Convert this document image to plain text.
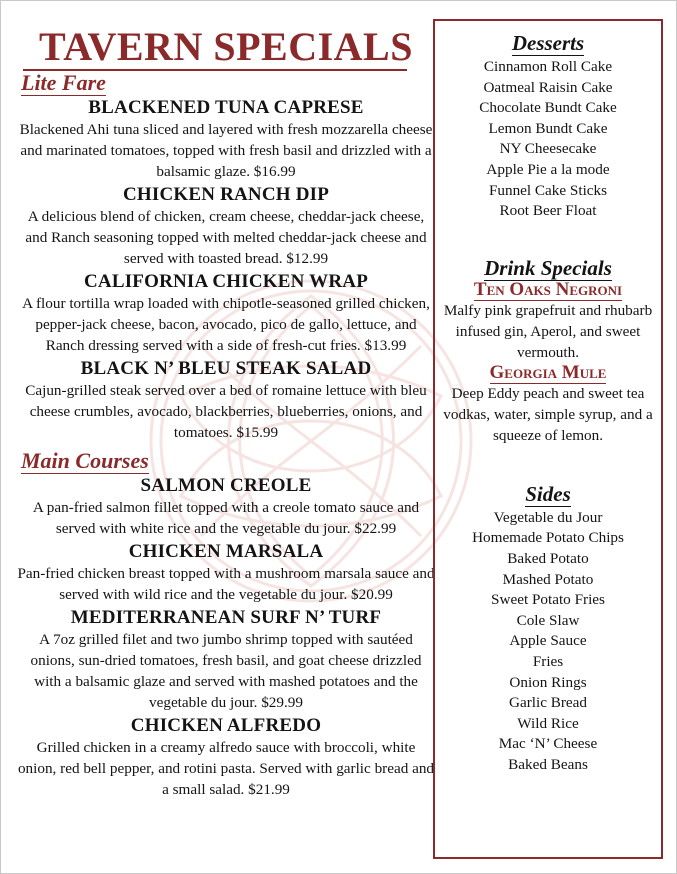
TAVERN SPECIALS
Lite Fare
BLACKENED TUNA CAPRESE
Blackened Ahi tuna sliced and layered with fresh mozzarella cheese and marinated tomatoes, topped with fresh basil and drizzled with a balsamic glaze. $16.99
CHICKEN RANCH DIP
A delicious blend of chicken, cream cheese, cheddar-jack cheese, and Ranch seasoning topped with melted cheddar-jack cheese and served with toasted bread. $12.99
CALIFORNIA CHICKEN WRAP
A flour tortilla wrap loaded with chipotle-seasoned grilled chicken, pepper-jack cheese, bacon, avocado, pico de gallo, lettuce, and Ranch dressing served with a side of fresh-cut fries. $13.99
BLACK N’ BLEU STEAK SALAD
Cajun-grilled steak served over a bed of romaine lettuce with bleu cheese crumbles, avocado, blackberries, blueberries, onions, and tomatoes. $15.99
Main Courses
SALMON CREOLE
A pan-fried salmon fillet topped with a creole tomato sauce and served with white rice and the vegetable du jour. $22.99
CHICKEN MARSALA
Pan-fried chicken breast topped with a mushroom marsala sauce and served with wild rice and the vegetable du jour. $20.99
MEDITERRANEAN SURF N’ TURF
A 7oz grilled filet and two jumbo shrimp topped with sautéed onions, sun-dried tomatoes, fresh basil, and goat cheese drizzled with a balsamic glaze and served with mashed potatoes and the vegetable du jour. $29.99
CHICKEN ALFREDO
Grilled chicken in a creamy alfredo sauce with broccoli, white onion, red bell pepper, and rotini pasta. Served with garlic bread and a small salad. $21.99
Desserts
Cinnamon Roll Cake
Oatmeal Raisin Cake
Chocolate Bundt Cake
Lemon Bundt Cake
NY Cheesecake
Apple Pie a la mode
Funnel Cake Sticks
Root Beer Float
Drink Specials
Ten Oaks Negroni
Malfy pink grapefruit and rhubarb infused gin, Aperol, and sweet vermouth.
Georgia Mule
Deep Eddy peach and sweet tea vodkas, water, simple syrup, and a squeeze of lemon.
Sides
Vegetable du Jour
Homemade Potato Chips
Baked Potato
Mashed Potato
Sweet Potato Fries
Cole Slaw
Apple Sauce
Fries
Onion Rings
Garlic Bread
Wild Rice
Mac ‘N’ Cheese
Baked Beans
